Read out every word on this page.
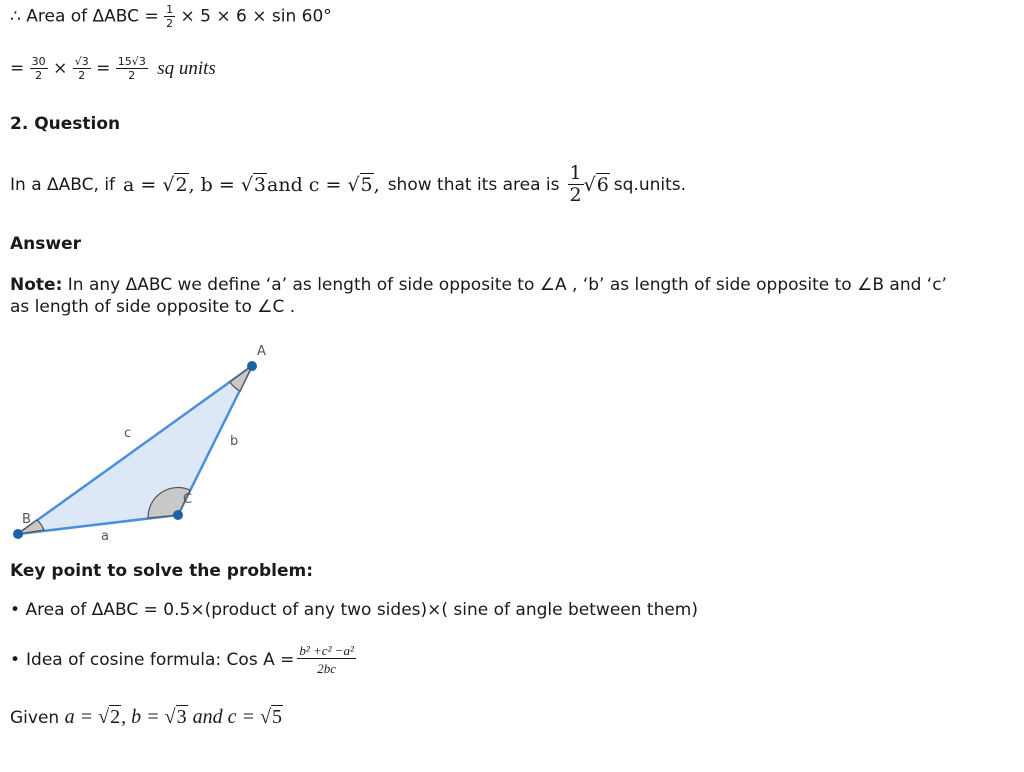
∴ Area of $\Delta ABC = \frac{1}{2} \times 5 \times 6 \times \sin 60^\circ$
= $\frac{30}{2} \times \frac{√3}{2} = \frac{15√3}{2}$ sq units
2. Question
In a ΔABC, if a = √2, b = √3and c = √5, show that its area is $\frac{1}{2} √6$ sq.units.
Answer
Note: In any ΔABC we define ‘a’ as length of side opposite to ∠A , ‘b’ as length of side opposite to ∠B and ‘c’
as length of side opposite to ∠C .
A
B
C
a
b
c
Key point to solve the problem:
• Area of ΔABC = 0.5×(product of any two sides)×( sine of angle between them)
• Idea of cosine formula: Cos $A = \frac{\text{b² +c² −a²}}{2bc}$
Given a = √2, b = √3 and c = √5
